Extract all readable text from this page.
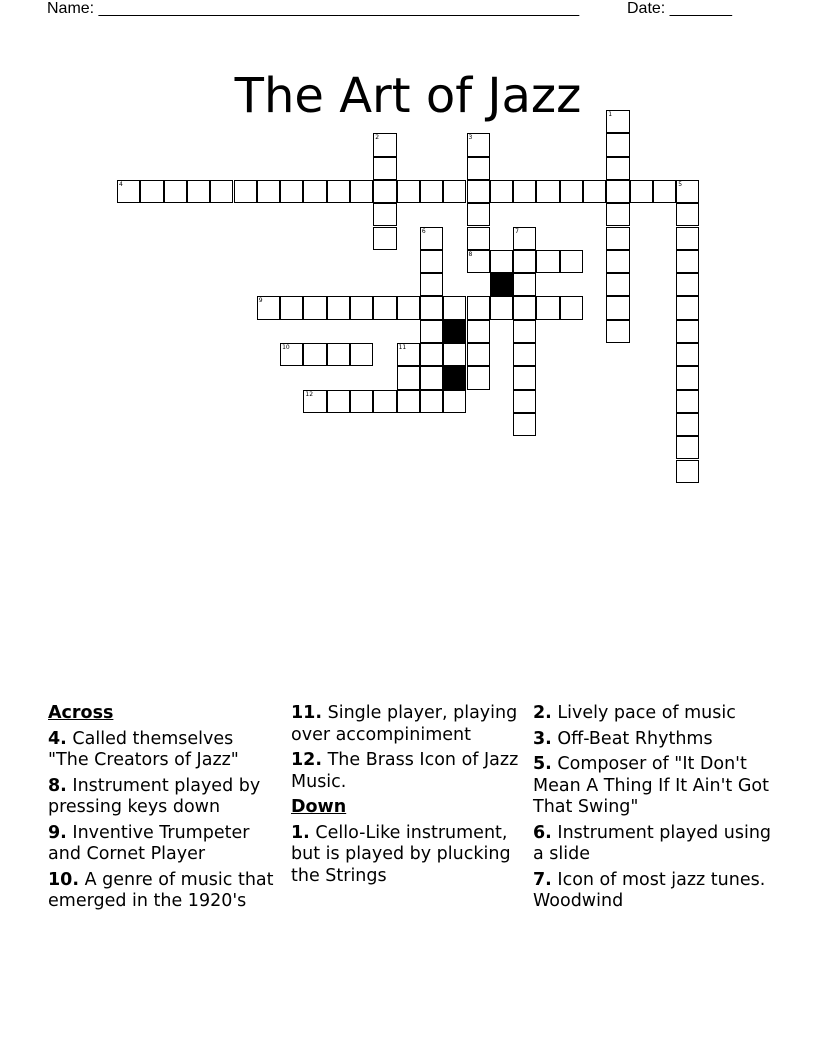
Name: ______________________________________________________	Date: _______
The Art of Jazz	1
2	3
8
4	5
6	7
9
10	11
12
Across
4. Called themselves "The Creators of Jazz"
8. Instrument played by pressing keys down
9. Inventive Trumpeter and Cornet Player
10. A genre of music that emerged in the 1920's
11. Single player, playing over accompiniment
12. The Brass Icon of Jazz Music.
Down
1. Cello-Like instrument, but is played by plucking the Strings
2. Lively pace of music
3. Off-Beat Rhythms
5. Composer of "It Don't Mean A Thing If It Ain't Got That Swing"
6. Instrument played using a slide
7. Icon of most jazz tunes. Woodwind
